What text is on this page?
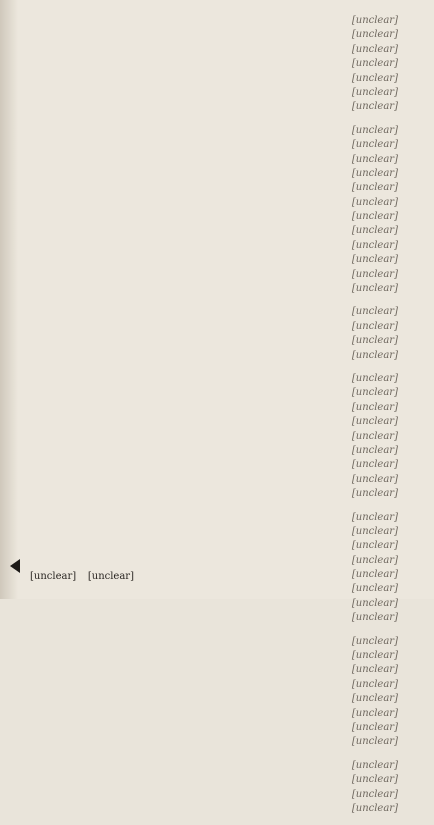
[unclear]
[unclear]
[unclear]
[unclear]
[unclear]
[unclear]
[unclear]

[unclear]
[unclear]
[unclear]
[unclear]
[unclear]
[unclear]
[unclear]
[unclear]
[unclear]
[unclear]
[unclear]
[unclear]

[unclear]
[unclear]
[unclear]
[unclear]

[unclear]
[unclear]
[unclear]
[unclear]
[unclear]
[unclear]
[unclear]
[unclear]
[unclear]

[unclear]
[unclear]
[unclear]
[unclear]
[unclear]
[unclear]
[unclear]
[unclear]

[unclear]
[unclear]
[unclear]
[unclear]
[unclear]
[unclear]
[unclear]
[unclear]

[unclear]
[unclear]
[unclear]
[unclear]

[unclear] [unclear]
